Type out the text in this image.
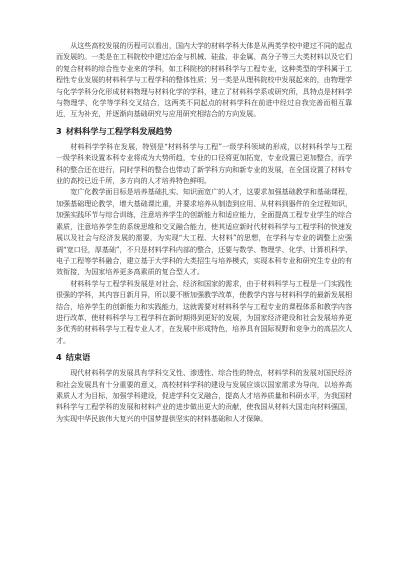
从这些高校发展的历程可以看出，国内大学的材料学科大体是从两类学校中建过不同的起点而发展的。一类是在工科院校中建过冶金与机械、硅盐、非金属、高分子等三大类材料以及它们的复合材料的综合性专业来的学科，如工科院校的材料科学与工程专业，这种类型的学科属于工程性专业发展的材料科学与工程学科的整体性质；另一类是从理科院校中发展起来的，由物理学与化学学科分化形成材料物理与材料化学的学科，建立了材料科学系或研究所，具特点是材料学与物理学、化学等学科交叉结合，这两类不同起点的材料学科在前进中经过自我完善而相互靠近，互为补充，并逐渐向基础研究与应用研究相结合的方向发展。

3 材料科学与工程学科发展趋势

材料科学学科在发展，特别是“材料科学与工程”一级学科领域的形成，以材料科学与工程一级学科来设置本科专业将成为大势所趋，专业的口径将更加拓宽，专业设置已更加整合，而学科的整合还在进行，同时学科的整合也带动了新学科方向和新专业的发展，在全国设置了材料专业的高校已近千所，多方向的人才培养特色鲜明。

宽广化教学面目标是培养基础扎实、知识面宽广的人才，这要求加强基础教学和基础课程，加强基础理论教学，增大基础课比重，并要求培养从制造到应用、从材料到器件的全过程知识，加强实践环节与综合训练，注意培养学生的创新能力和适应能力，全面提高工程专业学生的综合素质，注意培养学生的系统思维和交叉融合能力，使其适应新时代材料科学与工程学科的快速发展以及社会与经济发展的需要，为实现“大工程、大材料”的思想，在学科与专业的调整上应强调“宽口径，厚基础”，不只是材料学科内部的整合，还要与数学、物理学、化学、计算机科学、电子工程等学科融合，建立基于大学科的大类招生与培养模式，实现本科专业和研究生专业的有效衔接，为国家培养更多高素质的复合型人才。

材料科学与工程学科发展是对社会、经济和国家的需求，由于材料科学与工程是一门实践性很强的学科，其内容日新月异，所以要不断加强教学改革，使教学内容与材料科学的最新发展相结合，培养学生的创新能力和实践能力，这就需要对材料科学与工程专业的课程体系和教学内容进行改革，使材料科学与工程学科在新时期得到更好的发展，为国家经济建设和社会发展培养更多优秀的材料科学与工程专业人才，在发展中形成特色，培养具有国际视野和竞争力的高层次人才。

4 结束语

现代材料科学的发展具有学科交叉性、渗透性、综合性的特点，材料学科的发展对国民经济和社会发展具有十分重要的意义，高校材料学科的建设与发展应该以国家需求为导向，以培养高素质人才为目标，加强学科建设，促进学科交叉融合，提高人才培养质量和科研水平，为我国材料科学与工程学科的发展和材料产业的进步做出更大的贡献，使我国从材料大国走向材料强国，为实现中华民族伟大复兴的中国梦提供坚实的材料基础和人才保障。
